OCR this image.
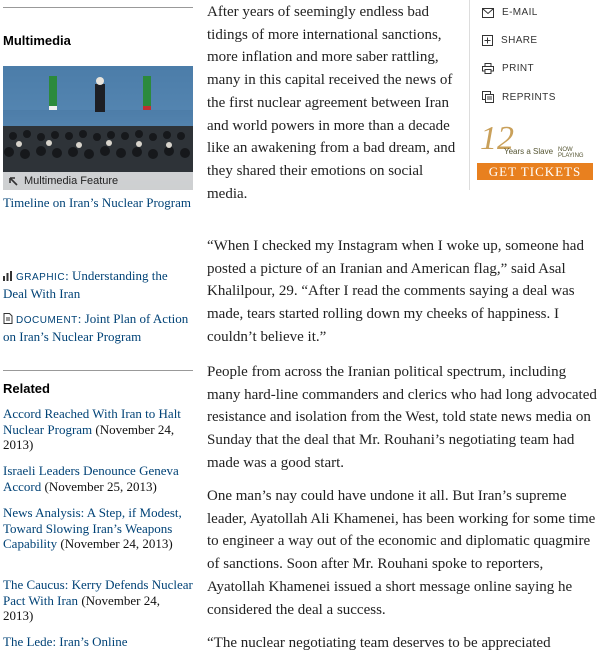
Multimedia
Multimedia Feature
Timeline on Iran’s Nuclear Program
GRAPHIC: Understanding the Deal With Iran
DOCUMENT: Joint Plan of Action on Iran’s Nuclear Program
Related
Accord Reached With Iran to Halt Nuclear Program (November 24, 2013)
Israeli Leaders Denounce Geneva Accord (November 25, 2013)
News Analysis: A Step, if Modest, Toward Slowing Iran’s Weapons Capability (November 24, 2013)
The Caucus: Kerry Defends Nuclear Pact With Iran (November 24, 2013)
The Lede: Iran’s Online

After years of seemingly endless bad tidings of more international sanctions, more inflation and more saber rattling, many in this capital received the news of the first nuclear agreement between Iran and world powers in more than a decade like an awakening from a bad dream, and they shared their emotions on social media.

“When I checked my Instagram when I woke up, someone had posted a picture of an Iranian and American flag,” said Asal Khalilpour, 29. “After I read the comments saying a deal was made, tears started rolling down my cheeks of happiness. I couldn’t believe it.”

People from across the Iranian political spectrum, including many hard-line commanders and clerics who had long advocated resistance and isolation from the West, told state news media on Sunday that the deal that Mr. Rouhani’s negotiating team had made was a good start.

One man’s nay could have undone it all. But Iran’s supreme leader, Ayatollah Ali Khamenei, has been working for some time to engineer a way out of the economic and diplomatic quagmire of sanctions. Soon after Mr. Rouhani spoke to reporters, Ayatollah Khamenei issued a short message online saying he considered the deal a success.

“The nuclear negotiating team deserves to be appreciated

E-MAIL
SHARE
PRINT
REPRINTS
12
Years a Slave NOW PLAYING
GET TICKETS
